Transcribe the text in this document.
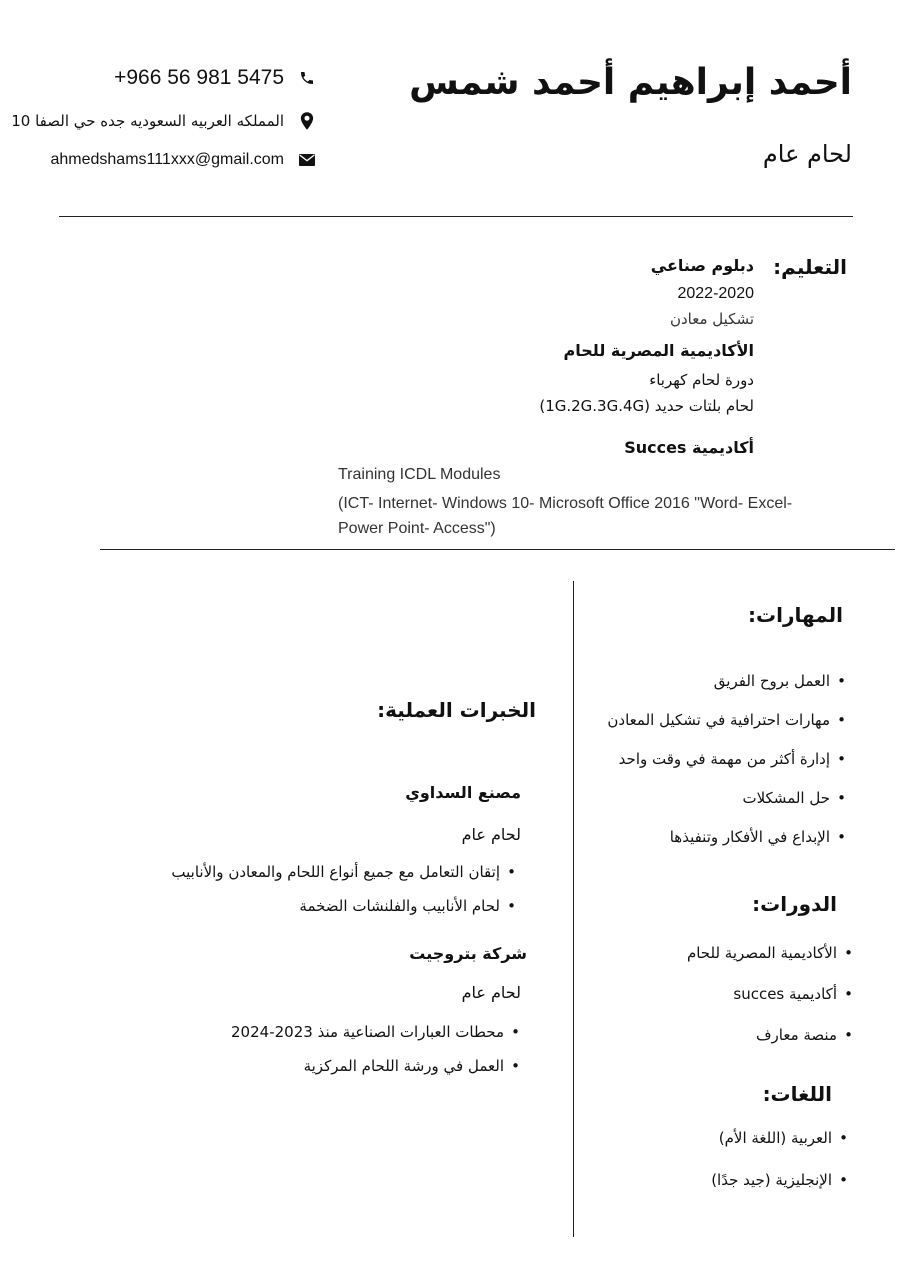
أحمد إبراهيم أحمد شمس
لحام عام
+966 56 981 5475
المملكه العربيه السعوديه جده حي الصفا 10
ahmedshams111xxx@gmail.com
التعليم:
دبلوم صناعي
2022-2020
تشكيل معادن
الأكاديمية المصرية للحام
دورة لحام كهرباء
لحام بلتات حديد (1G.2G.3G.4G)
أكاديمية Succes
Training ICDL Modules
(ICT- Internet- Windows 10- Microsoft Office 2016 "Word- Excel-
Power Point- Access")
المهارات:
العمل بروح الفريق •
مهارات احترافية في تشكيل المعادن •
إدارة أكثر من مهمة في وقت واحد •
حل المشكلات •
الإبداع في الأفكار وتنفيذها •
الدورات:
الأكاديمية المصرية للحام •
أكاديمية succes •
منصة معارف •
اللغات:
العربية (اللغة الأم) •
الإنجليزية (جيد جدًا) •
الخبرات العملية:
مصنع السداوي
لحام عام
إتقان التعامل مع جميع أنواع اللحام والمعادن والأنابيب •
لحام الأنابيب والفلنشات الضخمة •
شركة بتروجيت
لحام عام
محطات العبارات الصناعية منذ 2023-2024 •
العمل في ورشة اللحام المركزية •
